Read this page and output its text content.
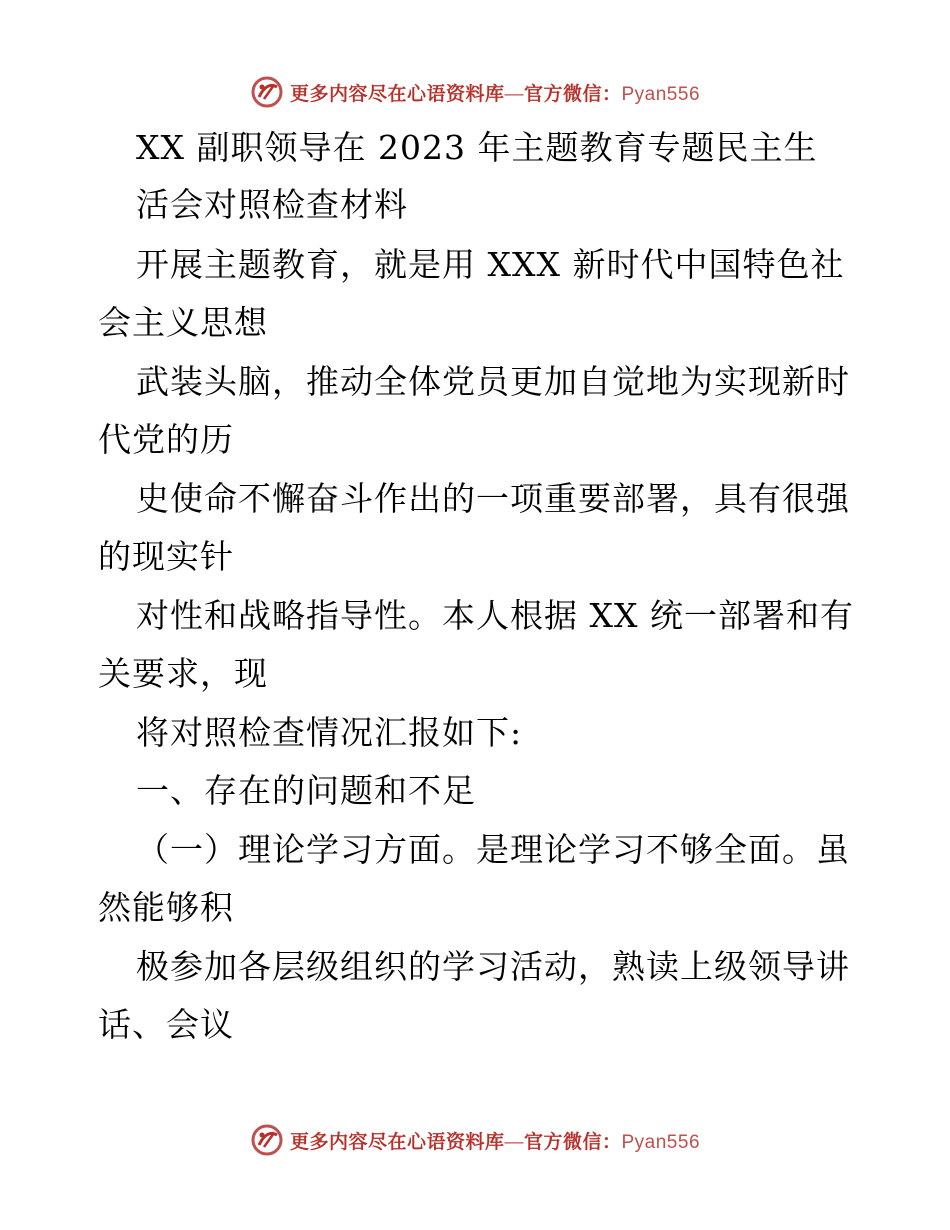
更多内容尽在心语资料库—官方微信：Pyan556
XX 副职领导在 2023 年主题教育专题民主生
活会对照检查材料
开展主题教育，就是用 XXX 新时代中国特色社
会主义思想
武装头脑，推动全体党员更加自觉地为实现新时
代党的历
史使命不懈奋斗作出的一项重要部署，具有很强
的现实针
对性和战略指导性。本人根据 XX 统一部署和有
关要求，现
将对照检查情况汇报如下:
一、存在的问题和不足
（一）理论学习方面。是理论学习不够全面。虽
然能够积
极参加各层级组织的学习活动，熟读上级领导讲
话、会议
更多内容尽在心语资料库—官方微信：Pyan556
